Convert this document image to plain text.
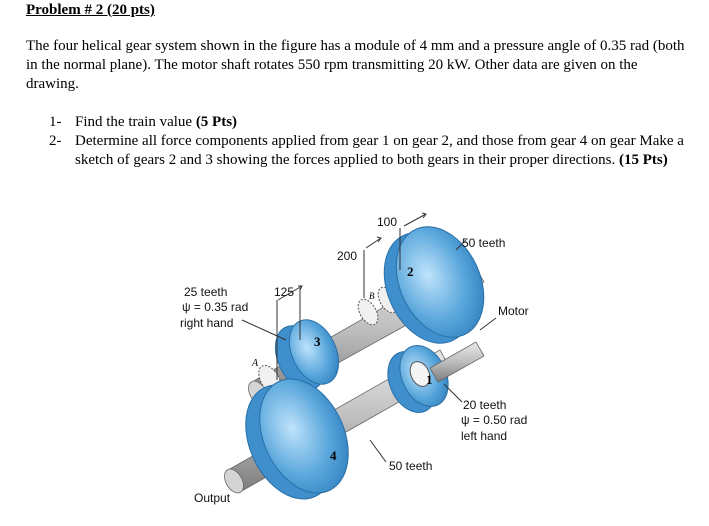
Problem # 2 (20 pts)
The four helical gear system shown in the figure has a module of 4 mm and a pressure angle of 0.35 rad (both in the normal plane). The motor shaft rotates 550 rpm transmitting 20 kW. Other data are given on the drawing.
1- Find the train value (5 Pts)
2- Determine all force components applied from gear 1 on gear 2, and those from gear 4 on gear Make a sketch of gears 2 and 3 showing the forces applied to both gears in their proper directions. (15 Pts)
1
2
3
4
A
B
100
200
125
25 teeth
ψ = 0.35 rad
right hand
50 teeth
Motor
20 teeth
ψ = 0.50 rad
left hand
50 teeth
Output
